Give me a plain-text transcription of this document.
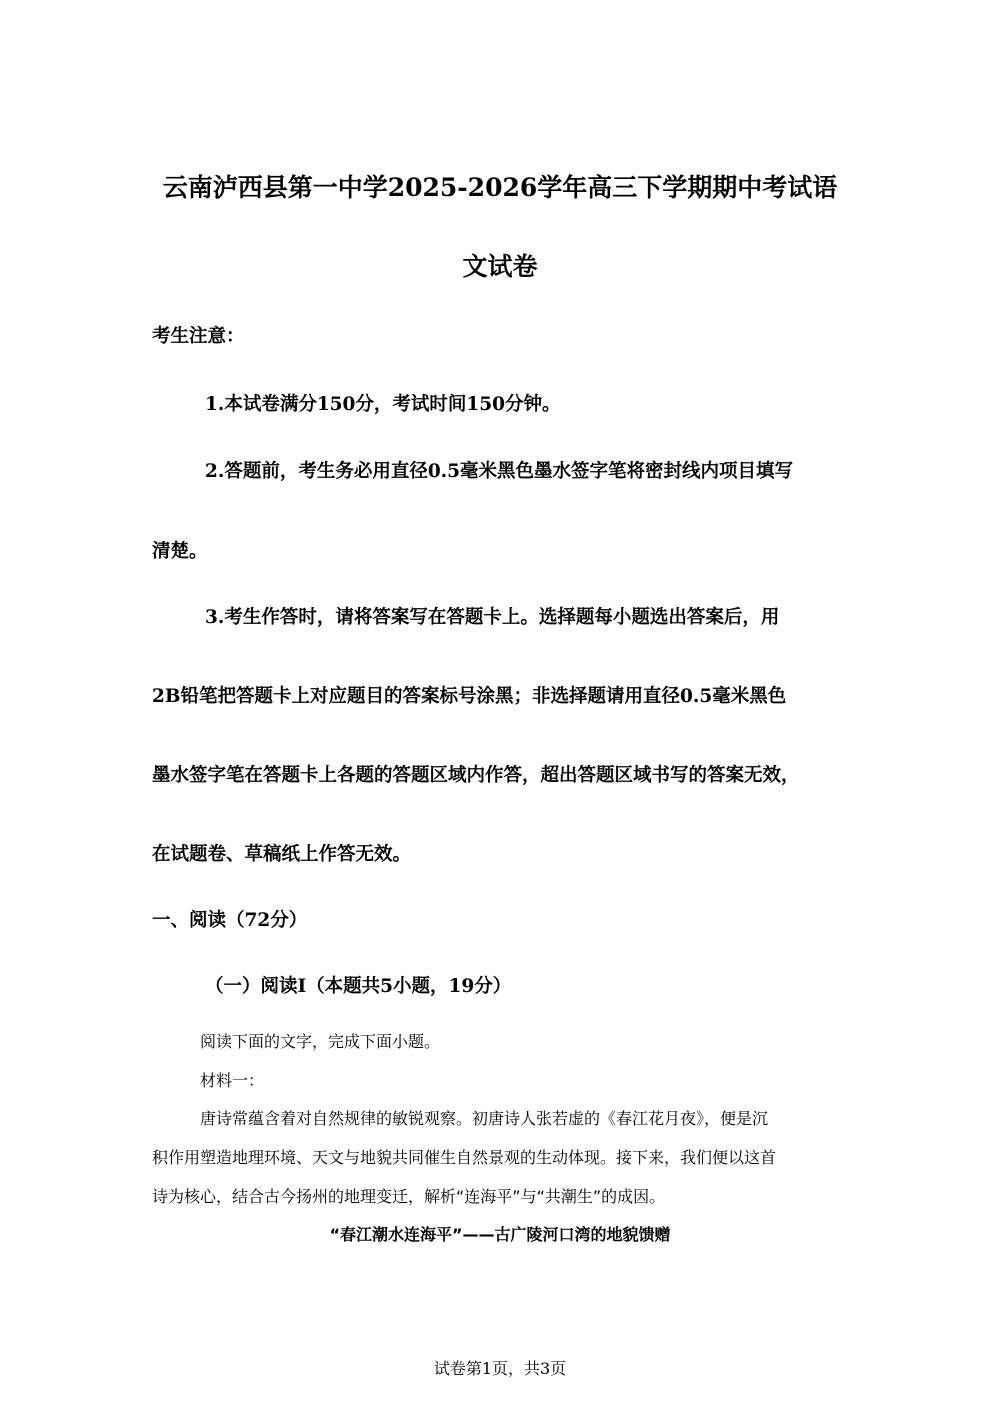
云南泸西县第一中学2025-2026学年高三下学期期中考试语
文试卷
考生注意：
1.本试卷满分150分，考试时间150分钟。
2.答题前，考生务必用直径0.5毫米黑色墨水签字笔将密封线内项目填写
清楚。
3.考生作答时，请将答案写在答题卡上。选择题每小题选出答案后，用
2B铅笔把答题卡上对应题目的答案标号涂黑；非选择题请用直径0.5毫米黑色
墨水签字笔在答题卡上各题的答题区域内作答，超出答题区域书写的答案无效，
在试题卷、草稿纸上作答无效。
一、阅读（72分）
（一）阅读I（本题共5小题，19分）
阅读下面的文字，完成下面小题。
材料一：
唐诗常蕴含着对自然规律的敏锐观察。初唐诗人张若虚的《春江花月夜》，便是沉
积作用塑造地理环境、天文与地貌共同催生自然景观的生动体现。接下来，我们便以这首
诗为核心，结合古今扬州的地理变迁，解析“连海平”与“共潮生”的成因。
“春江潮水连海平”——古广陵河口湾的地貌馈赠
试卷第1页，共3页
